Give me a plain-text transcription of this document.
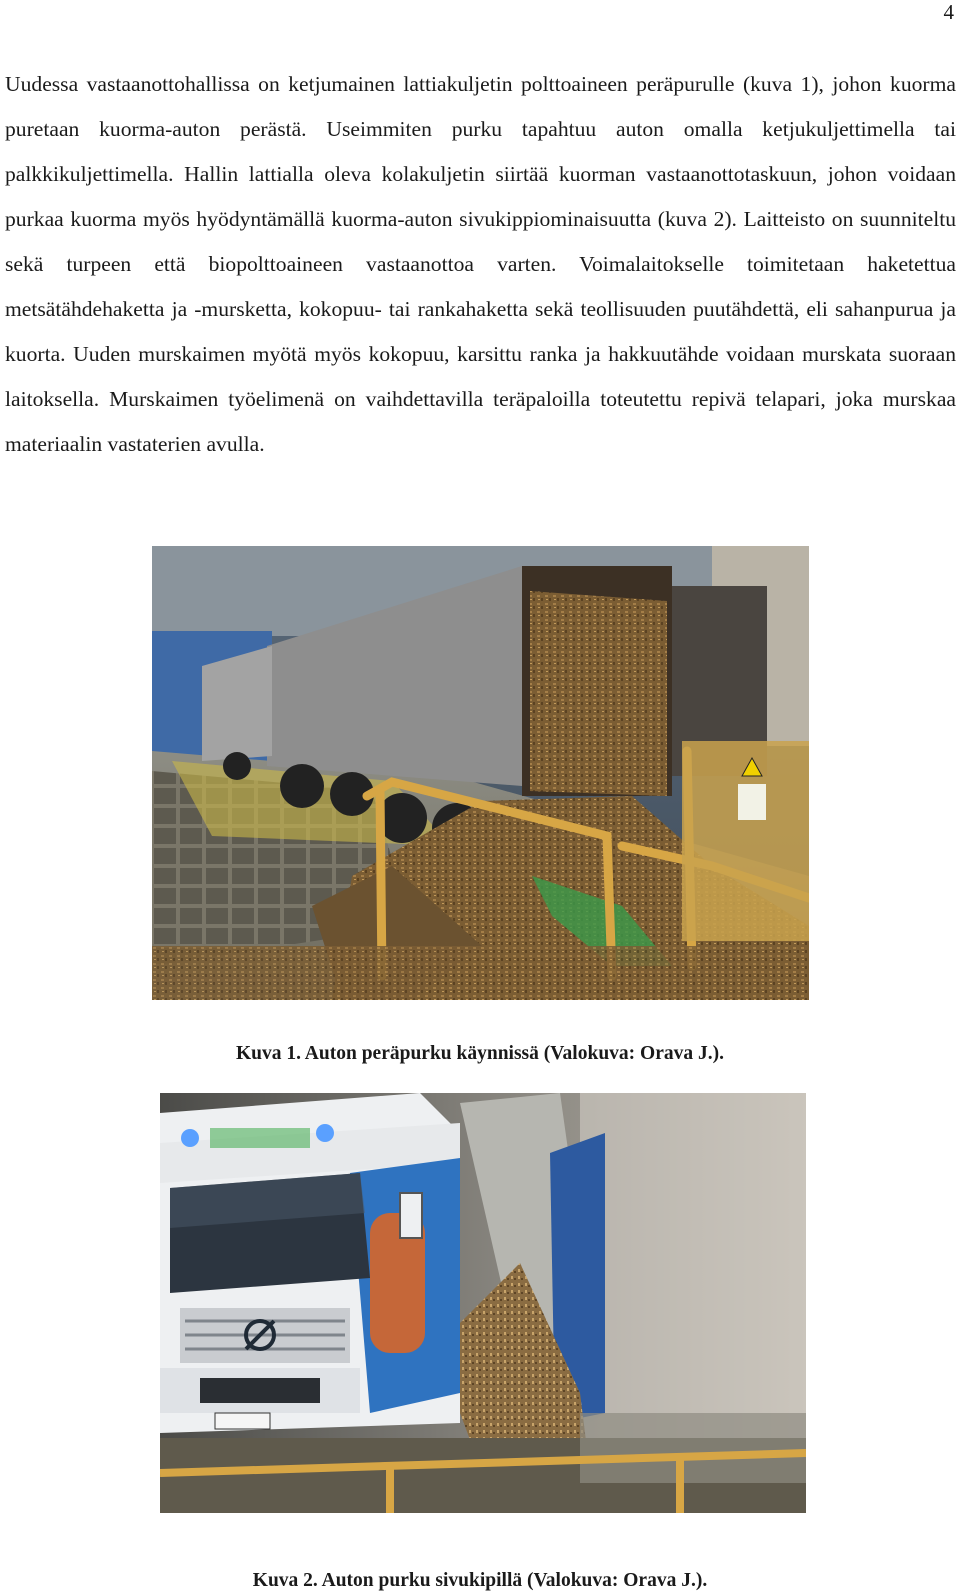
4

Uudessa vastaanottohallissa on ketjumainen lattiakuljetin polttoaineen peräpurulle (kuva 1), johon kuorma puretaan kuorma-auton perästä. Useimmiten purku tapahtuu auton omalla ketjukuljettimella tai palkkikuljettimella. Hallin lattialla oleva kolakuljetin siirtää kuorman vastaanottotaskuun, johon voidaan purkaa kuorma myös hyödyntämällä kuorma-auton sivukippiominaisuutta (kuva 2). Laitteisto on suunniteltu sekä turpeen että biopolttoaineen vastaanottoa varten. Voimalaitokselle toimitetaan haketettua metsätähdehaketta ja -mursketta, kokopuu- tai rankahaketta sekä teollisuuden puutähdettä, eli sahanpurua ja kuorta. Uuden murskaimen myötä myös kokopuu, karsittu ranka ja hakkuutähde voidaan murskata suoraan laitoksella. Murskaimen työelimenä on vaihdettavilla teräpaloilla toteutettu repivä telapari, joka murskaa materiaalin vastaterien avulla.

Kuva 1. Auton peräpurku käynnissä (Valokuva: Orava J.).
Kuva 2. Auton purku sivukipillä (Valokuva: Orava J.).
